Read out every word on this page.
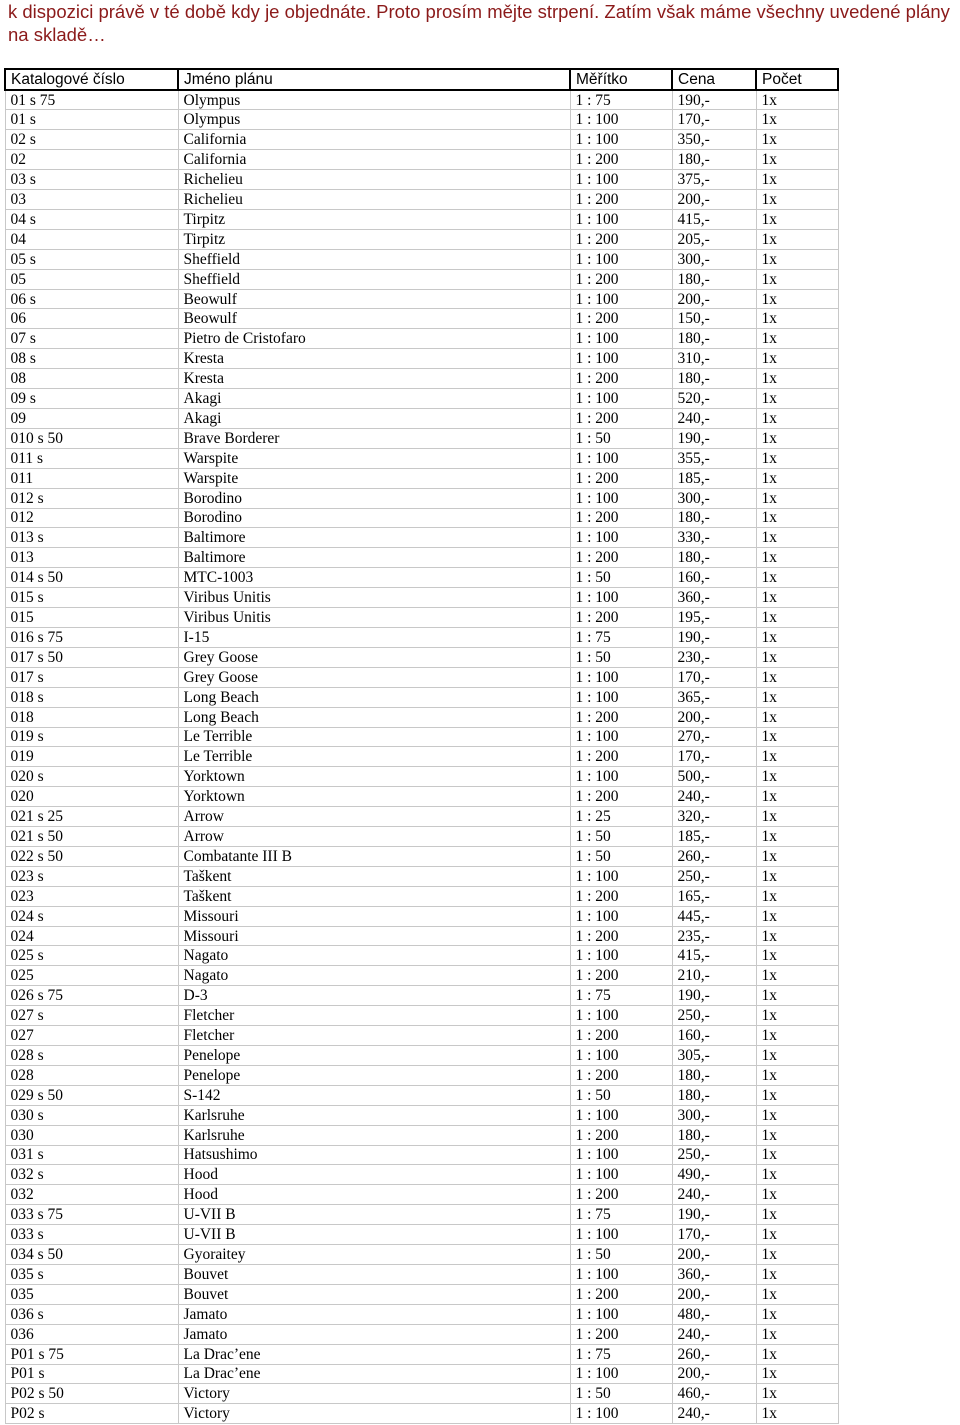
k dispozici právě v té době kdy je objednáte. Proto prosím mějte strpení. Zatím však máme všechny uvedené plány

na skladě…

Katalogové číslo	Jméno plánu	Měřítko	Cena	Počet
01 s 75	Olympus	1 : 75	190,-	1x
01 s	Olympus	1 : 100	170,-	1x
02 s	California	1 : 100	350,-	1x
02	California	1 : 200	180,-	1x
03 s	Richelieu	1 : 100	375,-	1x
03	Richelieu	1 : 200	200,-	1x
04 s	Tirpitz	1 : 100	415,-	1x
04	Tirpitz	1 : 200	205,-	1x
05 s	Sheffield	1 : 100	300,-	1x
05	Sheffield	1 : 200	180,-	1x
06 s	Beowulf	1 : 100	200,-	1x
06	Beowulf	1 : 200	150,-	1x
07 s	Pietro de Cristofaro	1 : 100	180,-	1x
08 s	Kresta	1 : 100	310,-	1x
08	Kresta	1 : 200	180,-	1x
09 s	Akagi	1 : 100	520,-	1x
09	Akagi	1 : 200	240,-	1x
010 s 50	Brave Borderer	1 : 50	190,-	1x
011 s	Warspite	1 : 100	355,-	1x
011	Warspite	1 : 200	185,-	1x
012 s	Borodino	1 : 100	300,-	1x
012	Borodino	1 : 200	180,-	1x
013 s	Baltimore	1 : 100	330,-	1x
013	Baltimore	1 : 200	180,-	1x
014 s 50	MTC-1003	1 : 50	160,-	1x
015 s	Viribus Unitis	1 : 100	360,-	1x
015	Viribus Unitis	1 : 200	195,-	1x
016 s 75	I-15	1 : 75	190,-	1x
017 s 50	Grey Goose	1 : 50	230,-	1x
017 s	Grey Goose	1 : 100	170,-	1x
018 s	Long Beach	1 : 100	365,-	1x
018	Long Beach	1 : 200	200,-	1x
019 s	Le Terrible	1 : 100	270,-	1x
019	Le Terrible	1 : 200	170,-	1x
020 s	Yorktown	1 : 100	500,-	1x
020	Yorktown	1 : 200	240,-	1x
021 s 25	Arrow	1 : 25	320,-	1x
021 s 50	Arrow	1 : 50	185,-	1x
022 s 50	Combatante III B	1 : 50	260,-	1x
023 s	Taškent	1 : 100	250,-	1x
023	Taškent	1 : 200	165,-	1x
024 s	Missouri	1 : 100	445,-	1x
024	Missouri	1 : 200	235,-	1x
025 s	Nagato	1 : 100	415,-	1x
025	Nagato	1 : 200	210,-	1x
026 s 75	D-3	1 : 75	190,-	1x
027 s	Fletcher	1 : 100	250,-	1x
027	Fletcher	1 : 200	160,-	1x
028 s	Penelope	1 : 100	305,-	1x
028	Penelope	1 : 200	180,-	1x
029 s 50	S-142	1 : 50	180,-	1x
030 s	Karlsruhe	1 : 100	300,-	1x
030	Karlsruhe	1 : 200	180,-	1x
031 s	Hatsushimo	1 : 100	250,-	1x
032 s	Hood	1 : 100	490,-	1x
032	Hood	1 : 200	240,-	1x
033 s 75	U-VII B	1 : 75	190,-	1x
033 s	U-VII B	1 : 100	170,-	1x
034 s 50	Gyoraitey	1 : 50	200,-	1x
035 s	Bouvet	1 : 100	360,-	1x
035	Bouvet	1 : 200	200,-	1x
036 s	Jamato	1 : 100	480,-	1x
036	Jamato	1 : 200	240,-	1x
P01 s 75	La Drac’ene	1 : 75	260,-	1x
P01 s	La Drac’ene	1 : 100	200,-	1x
P02 s 50	Victory	1 : 50	460,-	1x
P02 s	Victory	1 : 100	240,-	1x
